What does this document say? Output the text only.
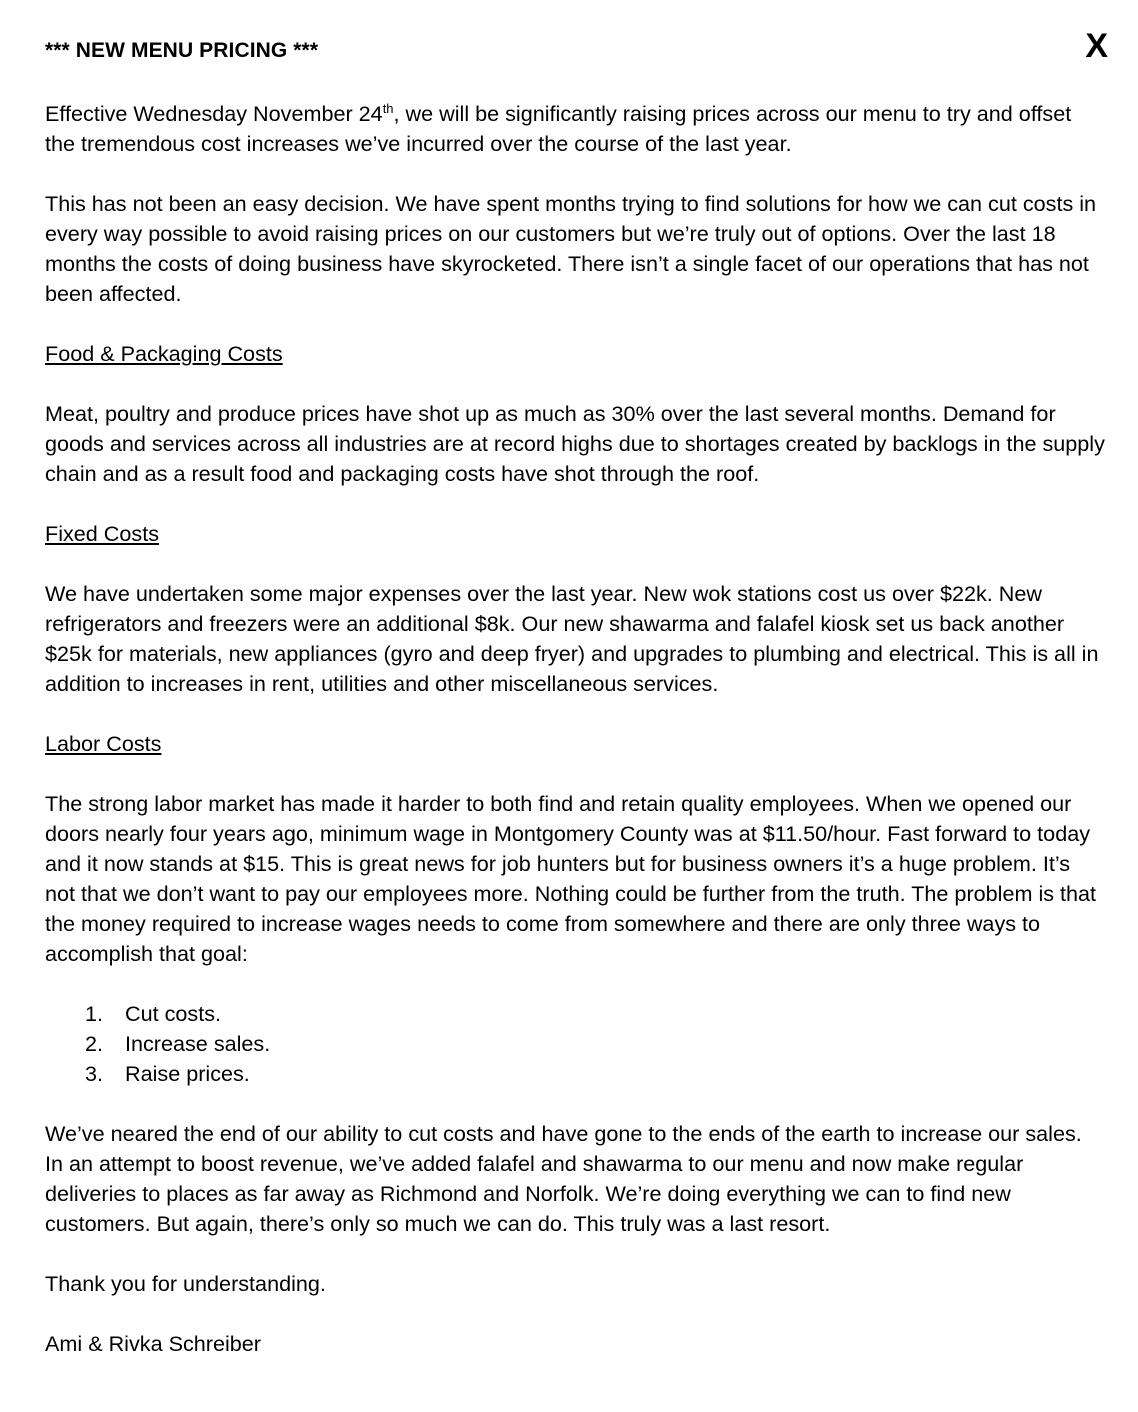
*** NEW MENU PRICING ***

Effective Wednesday November 24th, we will be significantly raising prices across our menu to try and offset the tremendous cost increases we’ve incurred over the course of the last year.

This has not been an easy decision. We have spent months trying to find solutions for how we can cut costs in every way possible to avoid raising prices on our customers but we’re truly out of options. Over the last 18 months the costs of doing business have skyrocketed. There isn’t a single facet of our operations that has not been affected.

Food & Packaging Costs

Meat, poultry and produce prices have shot up as much as 30% over the last several months. Demand for goods and services across all industries are at record highs due to shortages created by backlogs in the supply chain and as a result food and packaging costs have shot through the roof.

Fixed Costs

We have undertaken some major expenses over the last year. New wok stations cost us over $22k. New refrigerators and freezers were an additional $8k. Our new shawarma and falafel kiosk set us back another $25k for materials, new appliances (gyro and deep fryer) and upgrades to plumbing and electrical. This is all in addition to increases in rent, utilities and other miscellaneous services.

Labor Costs

The strong labor market has made it harder to both find and retain quality employees. When we opened our doors nearly four years ago, minimum wage in Montgomery County was at $11.50/hour. Fast forward to today and it now stands at $15. This is great news for job hunters but for business owners it’s a huge problem. It’s not that we don’t want to pay our employees more. Nothing could be further from the truth. The problem is that the money required to increase wages needs to come from somewhere and there are only three ways to accomplish that goal:

1. Cut costs.
2. Increase sales.
3. Raise prices.

We’ve neared the end of our ability to cut costs and have gone to the ends of the earth to increase our sales. In an attempt to boost revenue, we’ve added falafel and shawarma to our menu and now make regular deliveries to places as far away as Richmond and Norfolk. We’re doing everything we can to find new customers. But again, there’s only so much we can do. This truly was a last resort.

Thank you for understanding.

Ami & Rivka Schreiber

X
